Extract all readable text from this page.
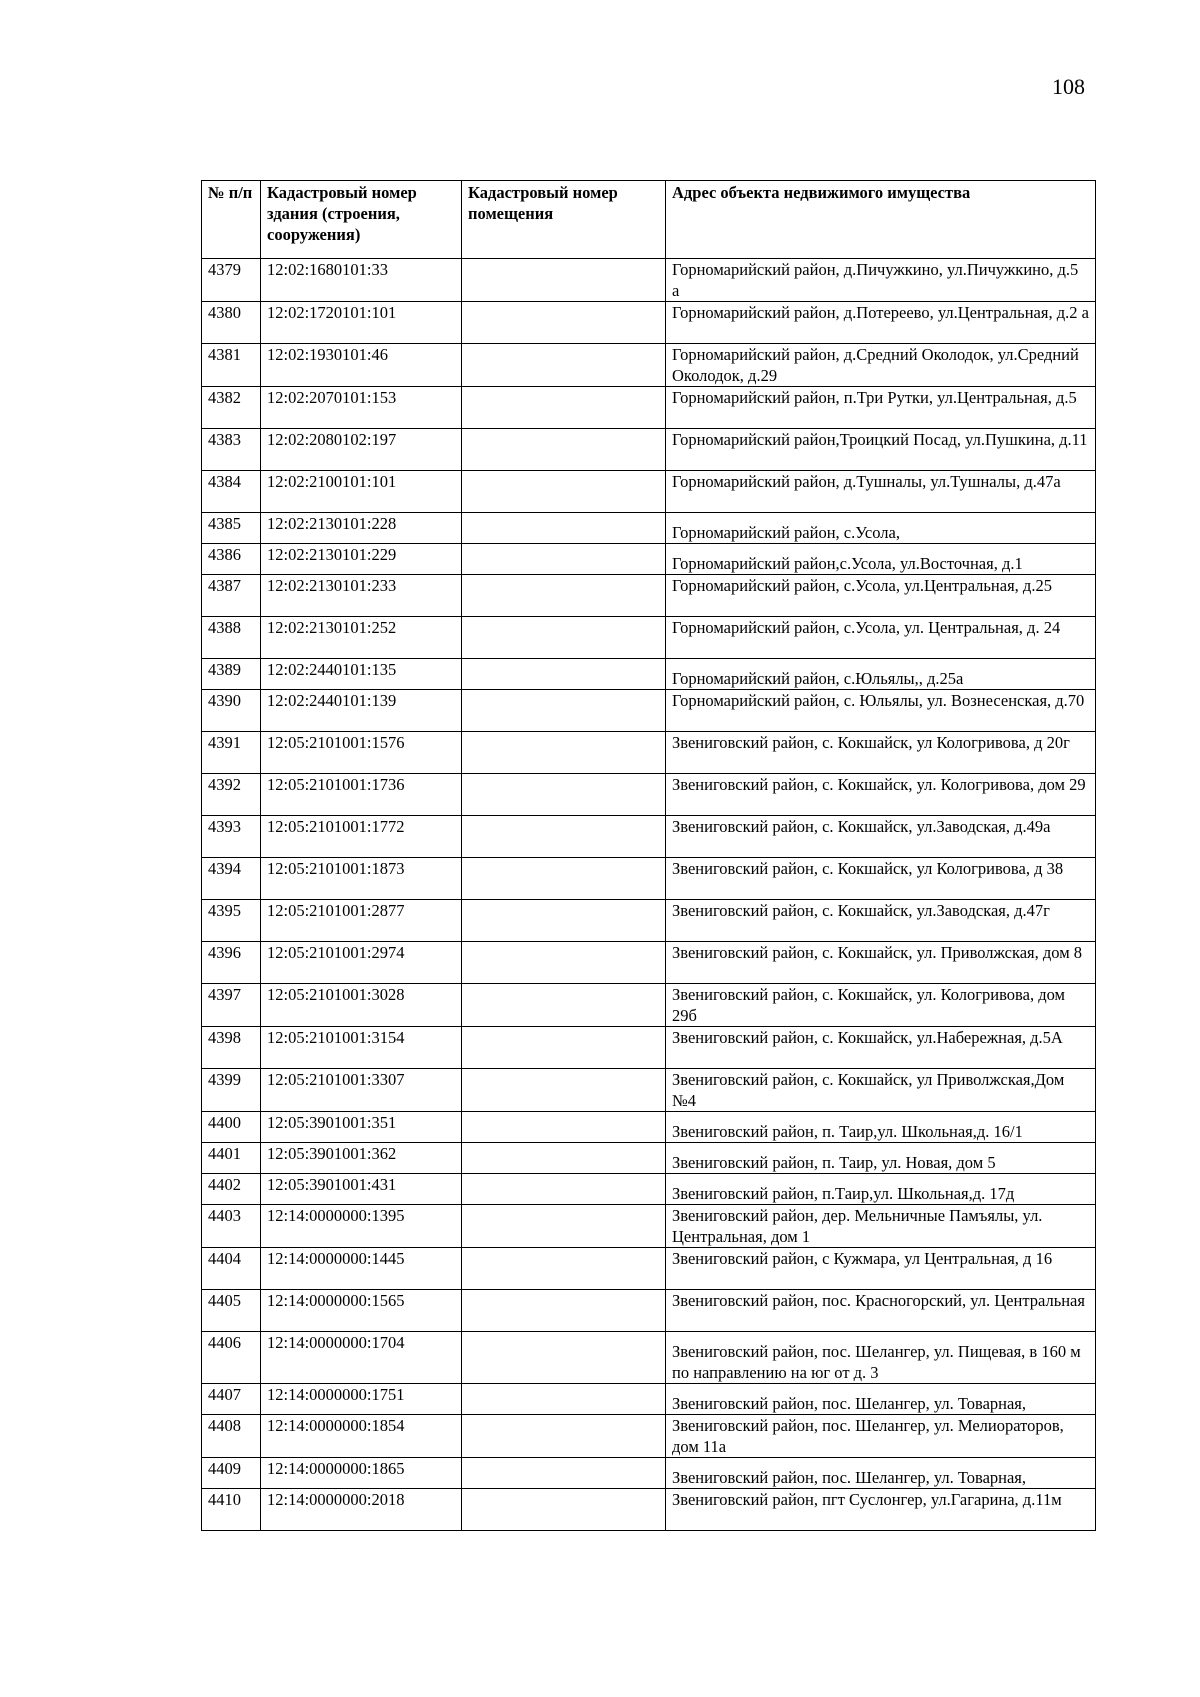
108
№ п/п	Кадастровый номер здания (строения, сооружения)	Кадастровый номер помещения	Адрес объекта недвижимого имущества
4379	12:02:1680101:33		Горномарийский район, д.Пичужкино, ул.Пичужкино, д.5 а
4380	12:02:1720101:101		Горномарийский район, д.Потереево, ул.Центральная, д.2 а
4381	12:02:1930101:46		Горномарийский район, д.Средний Околодок, ул.Средний Околодок, д.29
4382	12:02:2070101:153		Горномарийский район, п.Три Рутки, ул.Центральная, д.5
4383	12:02:2080102:197		Горномарийский район,Троицкий Посад, ул.Пушкина, д.11
4384	12:02:2100101:101		Горномарийский район, д.Тушналы, ул.Тушналы, д.47а
4385	12:02:2130101:228		Горномарийский район, с.Усола,
4386	12:02:2130101:229		Горномарийский район,с.Усола, ул.Восточная, д.1
4387	12:02:2130101:233		Горномарийский район, с.Усола, ул.Центральная, д.25
4388	12:02:2130101:252		Горномарийский район, с.Усола, ул. Центральная, д. 24
4389	12:02:2440101:135		Горномарийский район, с.Юльялы,, д.25а
4390	12:02:2440101:139		Горномарийский район, с. Юльялы, ул. Вознесенская, д.70
4391	12:05:2101001:1576		Звениговский район, с. Кокшайск, ул Кологривова, д 20г
4392	12:05:2101001:1736		Звениговский район, с. Кокшайск, ул. Кологривова, дом 29
4393	12:05:2101001:1772		Звениговский район, с. Кокшайск, ул.Заводская, д.49а
4394	12:05:2101001:1873		Звениговский район, с. Кокшайск, ул Кологривова, д 38
4395	12:05:2101001:2877		Звениговский район, с. Кокшайск, ул.Заводская, д.47г
4396	12:05:2101001:2974		Звениговский район, с. Кокшайск, ул. Приволжская, дом 8
4397	12:05:2101001:3028		Звениговский район, с. Кокшайск, ул. Кологривова, дом 29б
4398	12:05:2101001:3154		Звениговский район, с. Кокшайск, ул.Набережная, д.5А
4399	12:05:2101001:3307		Звениговский район, с. Кокшайск, ул Приволжская,Дом №4
4400	12:05:3901001:351		Звениговский район, п. Таир,ул. Школьная,д. 16/1
4401	12:05:3901001:362		Звениговский район, п. Таир, ул. Новая, дом 5
4402	12:05:3901001:431		Звениговский район, п.Таир,ул. Школьная,д. 17д
4403	12:14:0000000:1395		Звениговский район, дер. Мельничные Памъялы, ул. Центральная, дом 1
4404	12:14:0000000:1445		Звениговский район, с Кужмара, ул Центральная, д 16
4405	12:14:0000000:1565		Звениговский район, пос. Красногорский, ул. Центральная
4406	12:14:0000000:1704		Звениговский район, пос. Шелангер, ул. Пищевая, в 160 м по направлению на юг от д. 3
4407	12:14:0000000:1751		Звениговский район, пос. Шелангер, ул. Товарная,
4408	12:14:0000000:1854		Звениговский район, пос. Шелангер, ул. Мелиораторов, дом 11а
4409	12:14:0000000:1865		Звениговский район, пос. Шелангер, ул. Товарная,
4410	12:14:0000000:2018		Звениговский район, пгт Суслонгер, ул.Гагарина, д.11м
